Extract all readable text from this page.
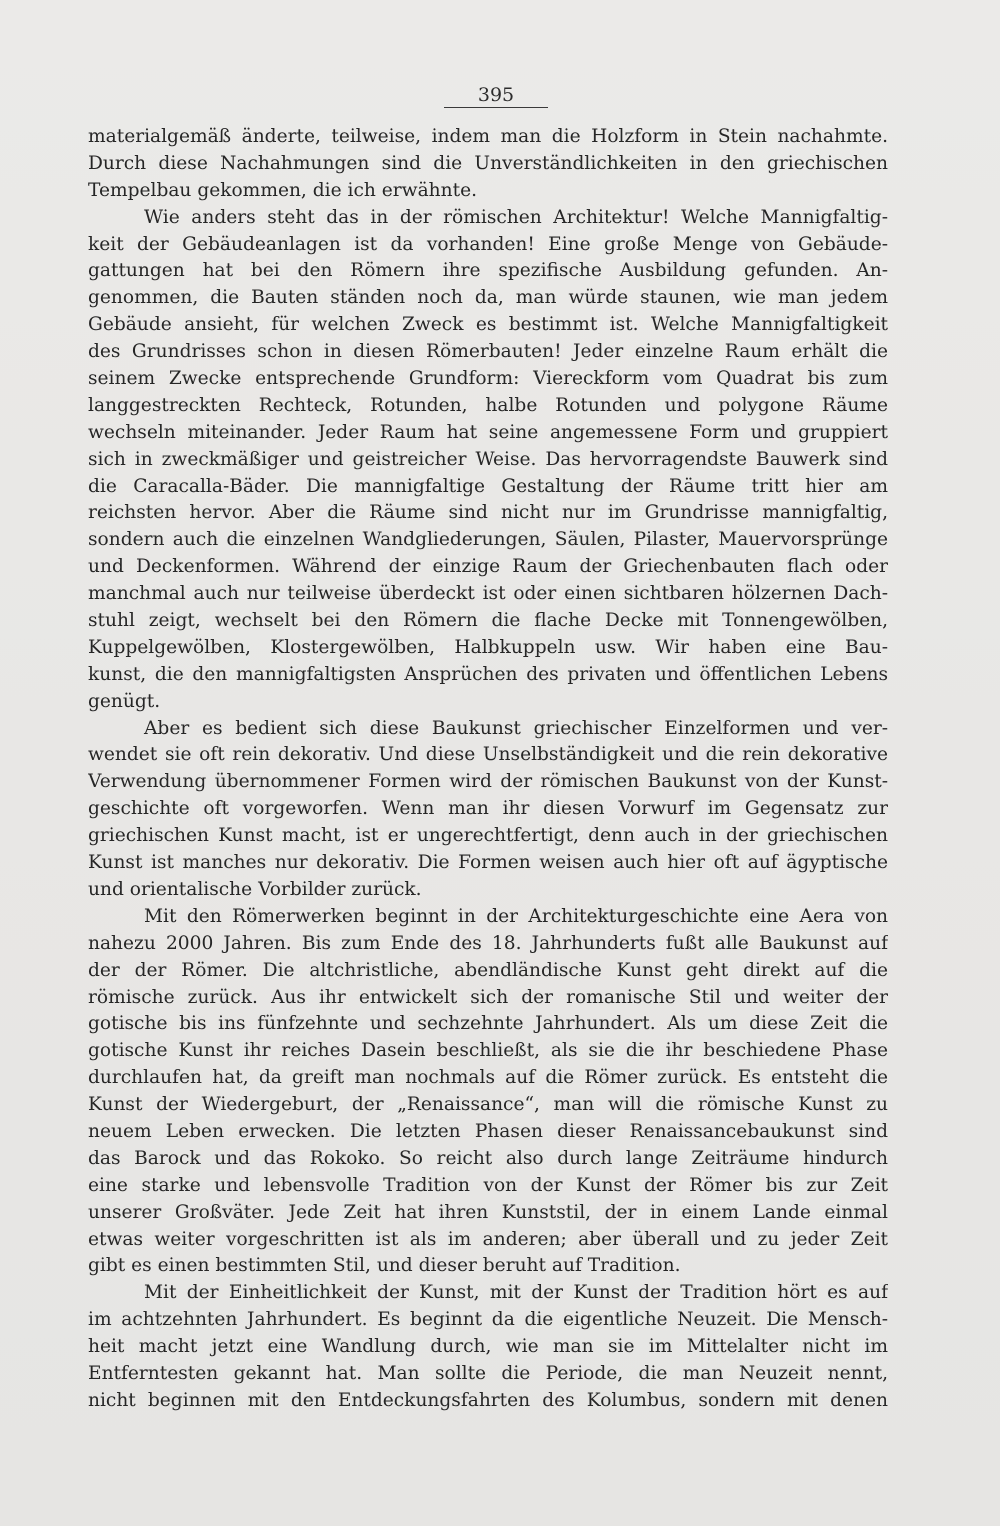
395
materialgemäß änderte, teilweise, indem man die Holzform in Stein nachahmte.
Durch diese Nachahmungen sind die Unverständlichkeiten in den griechischen
Tempelbau gekommen, die ich erwähnte.
Wie anders steht das in der römischen Architektur! Welche Mannigfaltig-
keit der Gebäudeanlagen ist da vorhanden! Eine große Menge von Gebäude-
gattungen hat bei den Römern ihre spezifische Ausbildung gefunden. An-
genommen, die Bauten ständen noch da, man würde staunen, wie man jedem
Gebäude ansieht, für welchen Zweck es bestimmt ist. Welche Mannigfaltigkeit
des Grundrisses schon in diesen Römerbauten! Jeder einzelne Raum erhält die
seinem Zwecke entsprechende Grundform: Viereckform vom Quadrat bis zum
langgestreckten Rechteck, Rotunden, halbe Rotunden und polygone Räume
wechseln miteinander. Jeder Raum hat seine angemessene Form und gruppiert
sich in zweckmäßiger und geistreicher Weise. Das hervorragendste Bauwerk sind
die Caracalla-Bäder. Die mannigfaltige Gestaltung der Räume tritt hier am
reichsten hervor. Aber die Räume sind nicht nur im Grundrisse mannigfaltig,
sondern auch die einzelnen Wandgliederungen, Säulen, Pilaster, Mauervorsprünge
und Deckenformen. Während der einzige Raum der Griechenbauten flach oder
manchmal auch nur teilweise überdeckt ist oder einen sichtbaren hölzernen Dach-
stuhl zeigt, wechselt bei den Römern die flache Decke mit Tonnengewölben,
Kuppelgewölben, Klostergewölben, Halbkuppeln usw. Wir haben eine Bau-
kunst, die den mannigfaltigsten Ansprüchen des privaten und öffentlichen Lebens
genügt.
Aber es bedient sich diese Baukunst griechischer Einzelformen und ver-
wendet sie oft rein dekorativ. Und diese Unselbständigkeit und die rein dekorative
Verwendung übernommener Formen wird der römischen Baukunst von der Kunst-
geschichte oft vorgeworfen. Wenn man ihr diesen Vorwurf im Gegensatz zur
griechischen Kunst macht, ist er ungerechtfertigt, denn auch in der griechischen
Kunst ist manches nur dekorativ. Die Formen weisen auch hier oft auf ägyptische
und orientalische Vorbilder zurück.
Mit den Römerwerken beginnt in der Architekturgeschichte eine Aera von
nahezu 2000 Jahren. Bis zum Ende des 18. Jahrhunderts fußt alle Baukunst auf
der der Römer. Die altchristliche, abendländische Kunst geht direkt auf die
römische zurück. Aus ihr entwickelt sich der romanische Stil und weiter der
gotische bis ins fünfzehnte und sechzehnte Jahrhundert. Als um diese Zeit die
gotische Kunst ihr reiches Dasein beschließt, als sie die ihr beschiedene Phase
durchlaufen hat, da greift man nochmals auf die Römer zurück. Es entsteht die
Kunst der Wiedergeburt, der „Renaissance“, man will die römische Kunst zu
neuem Leben erwecken. Die letzten Phasen dieser Renaissancebaukunst sind
das Barock und das Rokoko. So reicht also durch lange Zeiträume hindurch
eine starke und lebensvolle Tradition von der Kunst der Römer bis zur Zeit
unserer Großväter. Jede Zeit hat ihren Kunststil, der in einem Lande einmal
etwas weiter vorgeschritten ist als im anderen; aber überall und zu jeder Zeit
gibt es einen bestimmten Stil, und dieser beruht auf Tradition.
Mit der Einheitlichkeit der Kunst, mit der Kunst der Tradition hört es auf
im achtzehnten Jahrhundert. Es beginnt da die eigentliche Neuzeit. Die Mensch-
heit macht jetzt eine Wandlung durch, wie man sie im Mittelalter nicht im
Entferntesten gekannt hat. Man sollte die Periode, die man Neuzeit nennt,
nicht beginnen mit den Entdeckungsfahrten des Kolumbus, sondern mit denen
